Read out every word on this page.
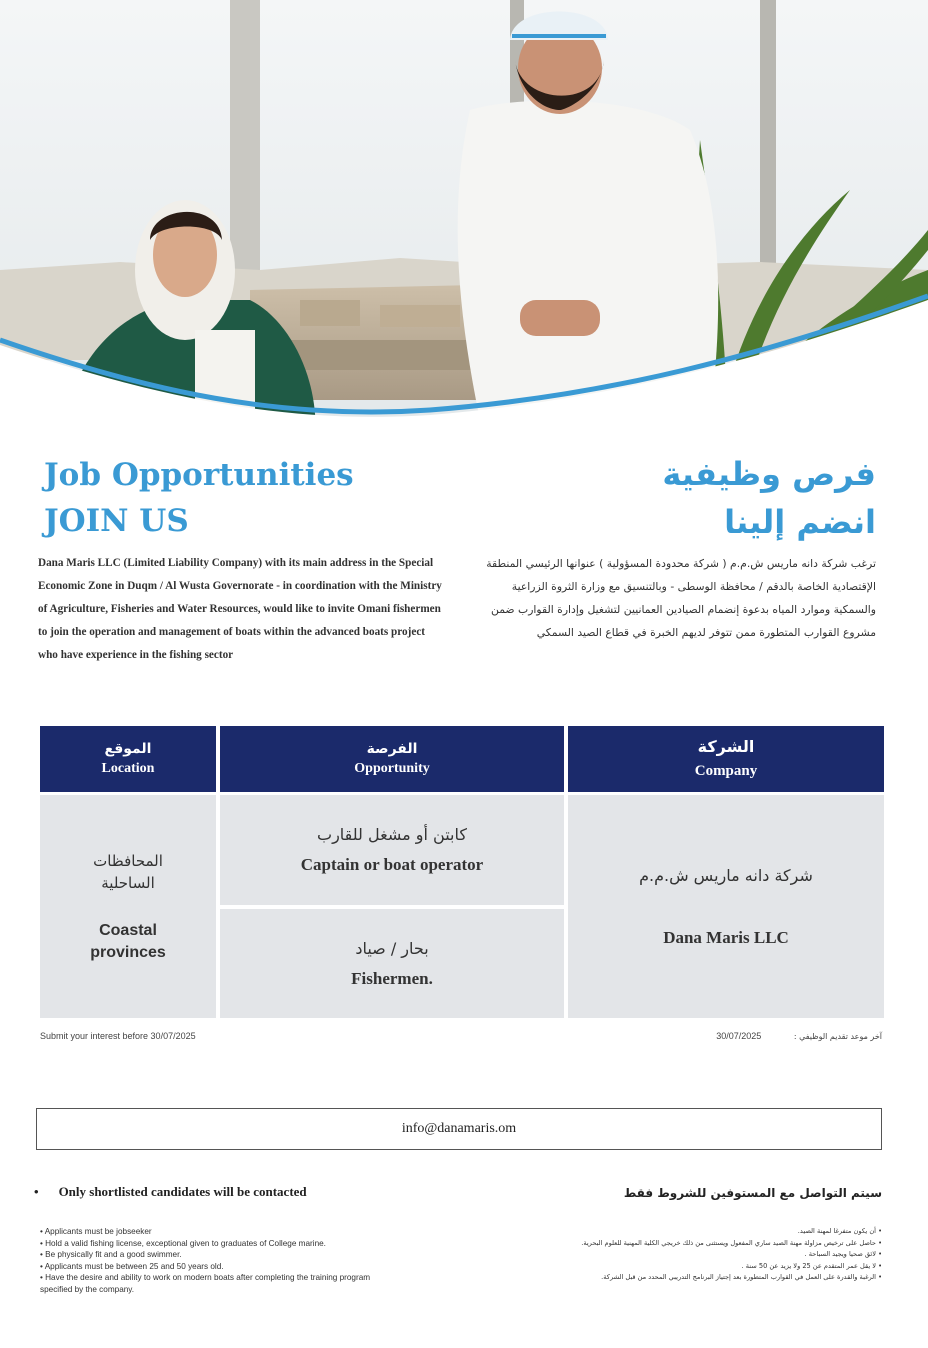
Job Opportunities
JOIN US
فرص وظيفية
انضم إلينا
Dana Maris LLC (Limited Liability Company) with its main address in the Special
Economic Zone in Duqm / Al Wusta Governorate - in coordination with the Ministry
of Agriculture, Fisheries and Water Resources, would like to invite Omani fishermen
to join the operation and management of boats within the advanced boats project
who have experience in the fishing sector
ترغب شركة دانه ماريس ش.م.م ( شركة محدودة المسؤولية ) عنوانها الرئيسي المنطقة
الإقتصادية الخاصة بالدقم / محافظة الوسطى - وبالتنسيق مع وزارة الثروة الزراعية
والسمكية وموارد المياه بدعوة إنضمام الصيادين العمانيين لتشغيل وإدارة القوارب ضمن
مشروع القوارب المتطورة ممن تتوفر لديهم الخبرة في قطاع الصيد السمكي
الموقع
Location
الفرصة
Opportunity
الشركة
Company
المحافظات
الساحلية
Coastal
provinces
كابتن أو مشغل للقارب
Captain or boat operator
بحار / صياد
Fishermen.
شركة دانه ماريس ش.م.م
Dana Maris LLC
Submit your interest before 30/07/2025	آخر موعد تقديم الوظيفي : 30/07/2025
info@danamaris.om
• Only shortlisted candidates will be contacted	سيتم التواصل مع المستوفين للشروط فقط
• Applicants must be jobseeker
• Hold a valid fishing license, exceptional given to graduates of College marine.
• Be physically fit and a good swimmer.
• Applicants must be between 25 and 50 years old.
• Have the desire and ability to work on modern boats after completing the training program
specified by the company.
• أن يكون متفرغا لمهنة الصيد.
• حاصل على ترخيص مزاولة مهنة الصيد ساري المفعول ويستثنى من ذلك خريجي الكلية المهنية للعلوم البحرية.
• لائق صحيا ويجيد السباحة .
• لا يقل عمر المتقدم عن 25 ولا يزيد عن 50 سنة .
• الرغبة والقدرة على العمل في القوارب المتطورة بعد إجتياز البرنامج التدريبي المحدد من قبل الشركة.
